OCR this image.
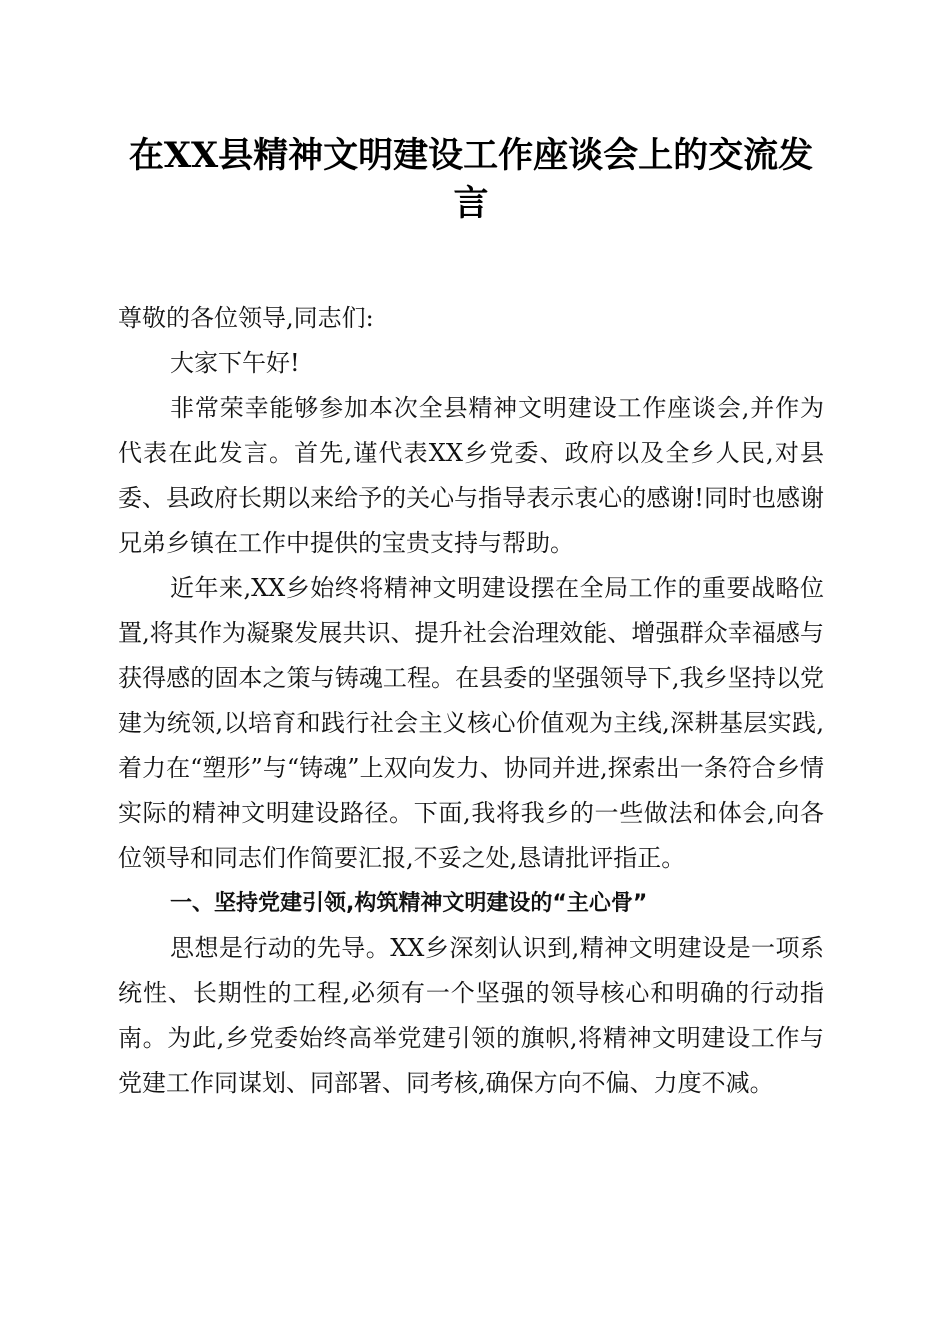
在XX县精神文明建设工作座谈会上的交流发
言

尊敬的各位领导,同志们:

大家下午好!

非常荣幸能够参加本次全县精神文明建设工作座谈会,并作为代表在此发言。首先,谨代表XX乡党委、政府以及全乡人民,对县委、县政府长期以来给予的关心与指导表示衷心的感谢!同时也感谢兄弟乡镇在工作中提供的宝贵支持与帮助。

近年来,XX乡始终将精神文明建设摆在全局工作的重要战略位置,将其作为凝聚发展共识、提升社会治理效能、增强群众幸福感与获得感的固本之策与铸魂工程。在县委的坚强领导下,我乡坚持以党建为统领,以培育和践行社会主义核心价值观为主线,深耕基层实践,着力在“塑形”与“铸魂”上双向发力、协同并进,探索出一条符合乡情实际的精神文明建设路径。下面,我将我乡的一些做法和体会,向各位领导和同志们作简要汇报,不妥之处,恳请批评指正。

一、坚持党建引领,构筑精神文明建设的“主心骨”

思想是行动的先导。XX乡深刻认识到,精神文明建设是一项系统性、长期性的工程,必须有一个坚强的领导核心和明确的行动指南。为此,乡党委始终高举党建引领的旗帜,将精神文明建设工作与党建工作同谋划、同部署、同考核,确保方向不偏、力度不减。
